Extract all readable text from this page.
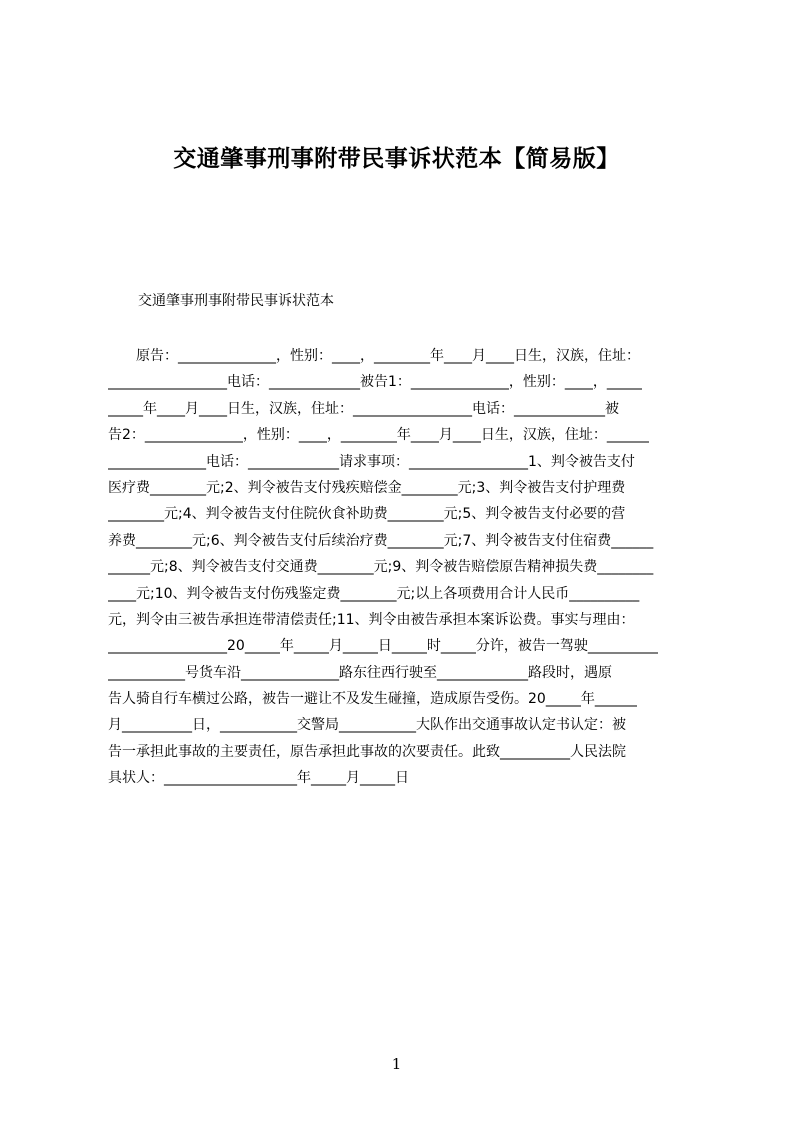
交通肇事刑事附带民事诉状范本【简易版】
交通肇事刑事附带民事诉状范本
　　原告：______________，性别：____，________年____月____日生，汉族，住址：
_________________电话：_____________被告1：______________，性别：____，_____
_____年____月____日生，汉族，住址：_________________电话：_____________被
告2：______________，性别：____，________年____月____日生，汉族，住址：______
______________电话：_____________请求事项：_________________1、判令被告支付
医疗费________元;2、判令被告支付残疾赔偿金________元;3、判令被告支付护理费
________元;4、判令被告支付住院伙食补助费________元;5、判令被告支付必要的营
养费________元;6、判令被告支付后续治疗费________元;7、判令被告支付住宿费______
______元;8、判令被告支付交通费________元;9、判令被告赔偿原告精神损失费________
____元;10、判令被告支付伤残鉴定费________元;以上各项费用合计人民币__________
元，判令由三被告承担连带清偿责任;11、判令由被告承担本案诉讼费。事实与理由：
_________________20_____年_____月_____日_____时_____分许，被告一驾驶__________
___________号货车沿______________路东往西行驶至_____________路段时，遇原
告人骑自行车横过公路，被告一避让不及发生碰撞，造成原告受伤。20_____年______
月__________日，___________交警局___________大队作出交通事故认定书认定：被
告一承担此事故的主要责任，原告承担此事故的次要责任。此致__________人民法院
具状人：___________________年_____月_____日
1
